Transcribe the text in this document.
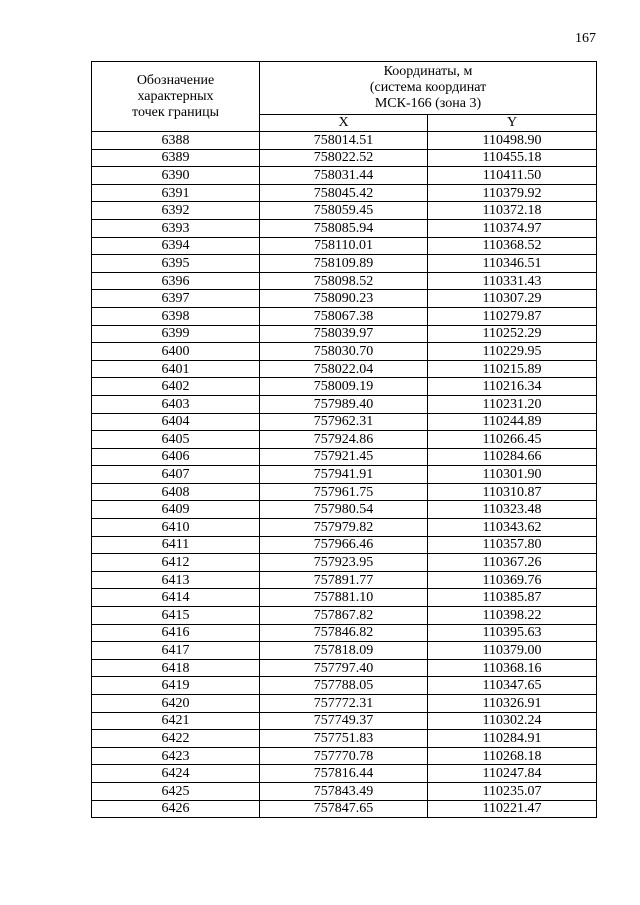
167
Обозначение
характерных
точек границы	Координаты, м
(система координат
МСК-166 (зона 3)	

	X	Y
6388	758014.51	110498.90
6389	758022.52	110455.18
6390	758031.44	110411.50
6391	758045.42	110379.92
6392	758059.45	110372.18
6393	758085.94	110374.97
6394	758110.01	110368.52
6395	758109.89	110346.51
6396	758098.52	110331.43
6397	758090.23	110307.29
6398	758067.38	110279.87
6399	758039.97	110252.29
6400	758030.70	110229.95
6401	758022.04	110215.89
6402	758009.19	110216.34
6403	757989.40	110231.20
6404	757962.31	110244.89
6405	757924.86	110266.45
6406	757921.45	110284.66
6407	757941.91	110301.90
6408	757961.75	110310.87
6409	757980.54	110323.48
6410	757979.82	110343.62
6411	757966.46	110357.80
6412	757923.95	110367.26
6413	757891.77	110369.76
6414	757881.10	110385.87
6415	757867.82	110398.22
6416	757846.82	110395.63
6417	757818.09	110379.00
6418	757797.40	110368.16
6419	757788.05	110347.65
6420	757772.31	110326.91
6421	757749.37	110302.24
6422	757751.83	110284.91
6423	757770.78	110268.18
6424	757816.44	110247.84
6425	757843.49	110235.07
6426	757847.65	110221.47
